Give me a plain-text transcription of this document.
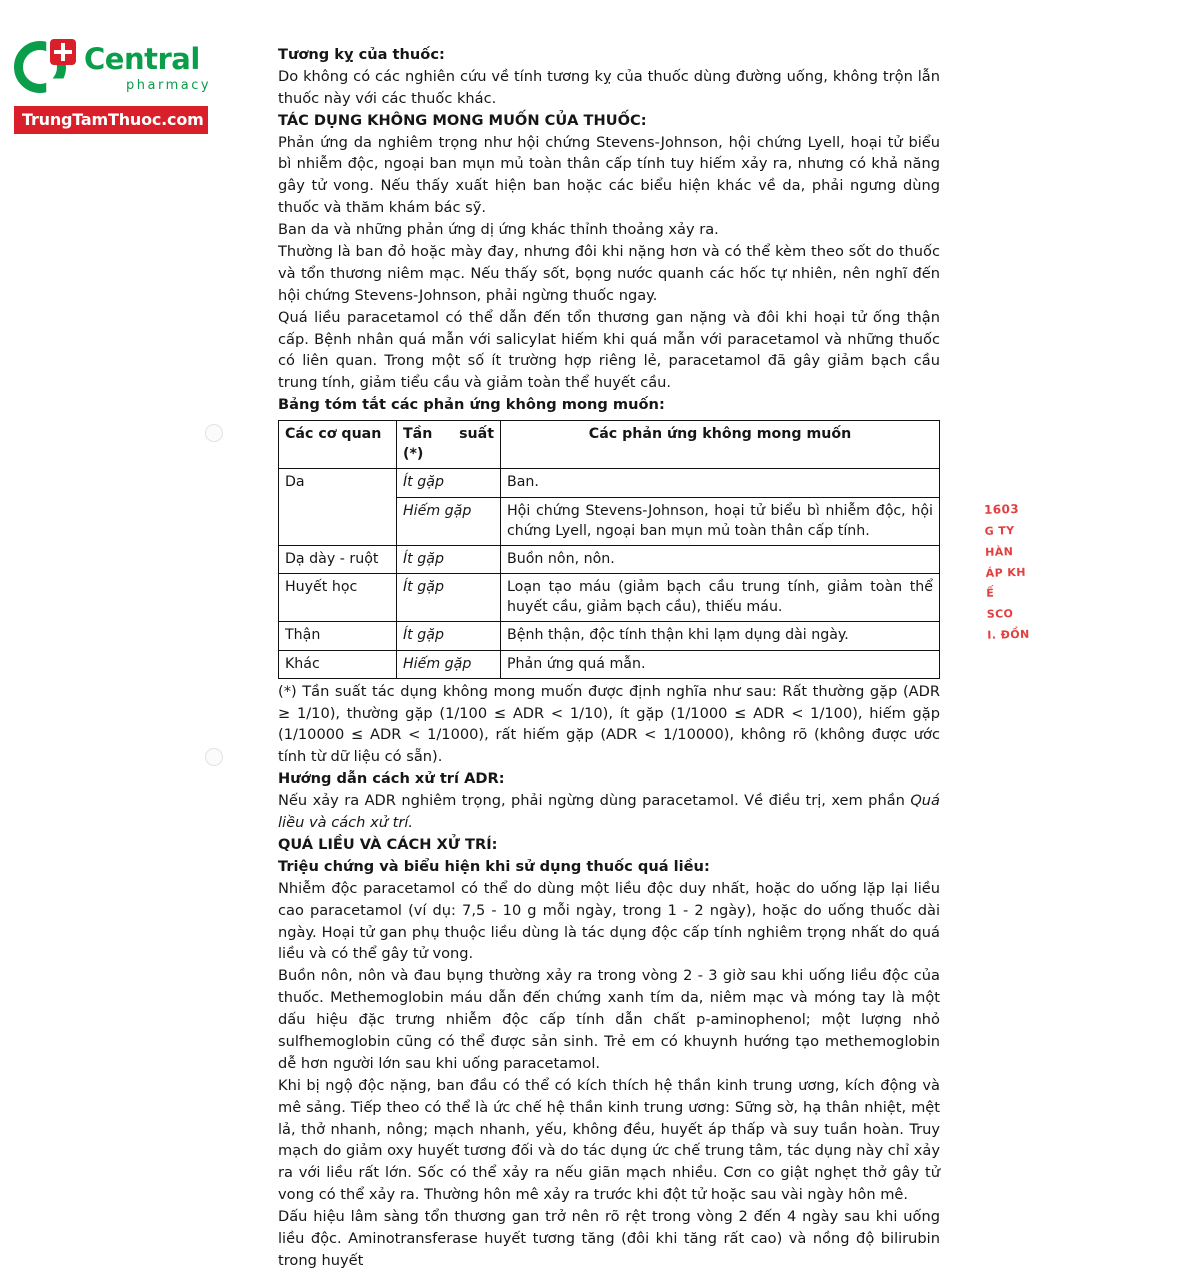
Central
pharmacy
TrungTamThuoc.com
1603
G TY
HÀN
ÁP KH
Ế
SCO
I. ĐỒN

Tương kỵ của thuốc:

Do không có các nghiên cứu về tính tương kỵ của thuốc dùng đường uống, không trộn lẫn thuốc này với các thuốc khác.

TÁC DỤNG KHÔNG MONG MUỐN CỦA THUỐC:

Phản ứng da nghiêm trọng như hội chứng Stevens-Johnson, hội chứng Lyell, hoại tử biểu bì nhiễm độc, ngoại ban mụn mủ toàn thân cấp tính tuy hiếm xảy ra, nhưng có khả năng gây tử vong. Nếu thấy xuất hiện ban hoặc các biểu hiện khác về da, phải ngưng dùng thuốc và thăm khám bác sỹ.

Ban da và những phản ứng dị ứng khác thỉnh thoảng xảy ra.

Thường là ban đỏ hoặc mày đay, nhưng đôi khi nặng hơn và có thể kèm theo sốt do thuốc và tổn thương niêm mạc. Nếu thấy sốt, bọng nước quanh các hốc tự nhiên, nên nghĩ đến hội chứng Stevens-Johnson, phải ngừng thuốc ngay.

Quá liều paracetamol có thể dẫn đến tổn thương gan nặng và đôi khi hoại tử ống thận cấp. Bệnh nhân quá mẫn với salicylat hiếm khi quá mẫn với paracetamol và những thuốc có liên quan. Trong một số ít trường hợp riêng lẻ, paracetamol đã gây giảm bạch cầu trung tính, giảm tiểu cầu và giảm toàn thể huyết cầu.

Bảng tóm tắt các phản ứng không mong muốn:

Các cơ quan	Tần suất (*)	Các phản ứng không mong muốn
Da	Ít gặp	Ban.
	Hiếm gặp	Hội chứng Stevens-Johnson, hoại tử biểu bì nhiễm độc, hội chứng Lyell, ngoại ban mụn mủ toàn thân cấp tính.
Dạ dày - ruột	Ít gặp	Buồn nôn, nôn.
Huyết học	Ít gặp	Loạn tạo máu (giảm bạch cầu trung tính, giảm toàn thể huyết cầu, giảm bạch cầu), thiếu máu.
Thận	Ít gặp	Bệnh thận, độc tính thận khi lạm dụng dài ngày.
Khác	Hiếm gặp	Phản ứng quá mẫn.

(*) Tần suất tác dụng không mong muốn được định nghĩa như sau: Rất thường gặp (ADR ≥ 1/10), thường gặp (1/100 ≤ ADR < 1/10), ít gặp (1/1000 ≤ ADR < 1/100), hiếm gặp (1/10000 ≤ ADR < 1/1000), rất hiếm gặp (ADR < 1/10000), không rõ (không được ước tính từ dữ liệu có sẵn).

Hướng dẫn cách xử trí ADR:

Nếu xảy ra ADR nghiêm trọng, phải ngừng dùng paracetamol. Về điều trị, xem phần Quá liều và cách xử trí.

QUÁ LIỀU VÀ CÁCH XỬ TRÍ:

Triệu chứng và biểu hiện khi sử dụng thuốc quá liều:

Nhiễm độc paracetamol có thể do dùng một liều độc duy nhất, hoặc do uống lặp lại liều cao paracetamol (ví dụ: 7,5 - 10 g mỗi ngày, trong 1 - 2 ngày), hoặc do uống thuốc dài ngày. Hoại tử gan phụ thuộc liều dùng là tác dụng độc cấp tính nghiêm trọng nhất do quá liều và có thể gây tử vong.

Buồn nôn, nôn và đau bụng thường xảy ra trong vòng 2 - 3 giờ sau khi uống liều độc của thuốc. Methemoglobin máu dẫn đến chứng xanh tím da, niêm mạc và móng tay là một dấu hiệu đặc trưng nhiễm độc cấp tính dẫn chất p-aminophenol; một lượng nhỏ sulfhemoglobin cũng có thể được sản sinh. Trẻ em có khuynh hướng tạo methemoglobin dễ hơn người lớn sau khi uống paracetamol.

Khi bị ngộ độc nặng, ban đầu có thể có kích thích hệ thần kinh trung ương, kích động và mê sảng. Tiếp theo có thể là ức chế hệ thần kinh trung ương: Sững sờ, hạ thân nhiệt, mệt lả, thở nhanh, nông; mạch nhanh, yếu, không đều, huyết áp thấp và suy tuần hoàn. Truy mạch do giảm oxy huyết tương đối và do tác dụng ức chế trung tâm, tác dụng này chỉ xảy ra với liều rất lớn. Sốc có thể xảy ra nếu giãn mạch nhiều. Cơn co giật nghẹt thở gây tử vong có thể xảy ra. Thường hôn mê xảy ra trước khi đột tử hoặc sau vài ngày hôn mê.

Dấu hiệu lâm sàng tổn thương gan trở nên rõ rệt trong vòng 2 đến 4 ngày sau khi uống liều độc. Aminotransferase huyết tương tăng (đôi khi tăng rất cao) và nồng độ bilirubin trong huyết
